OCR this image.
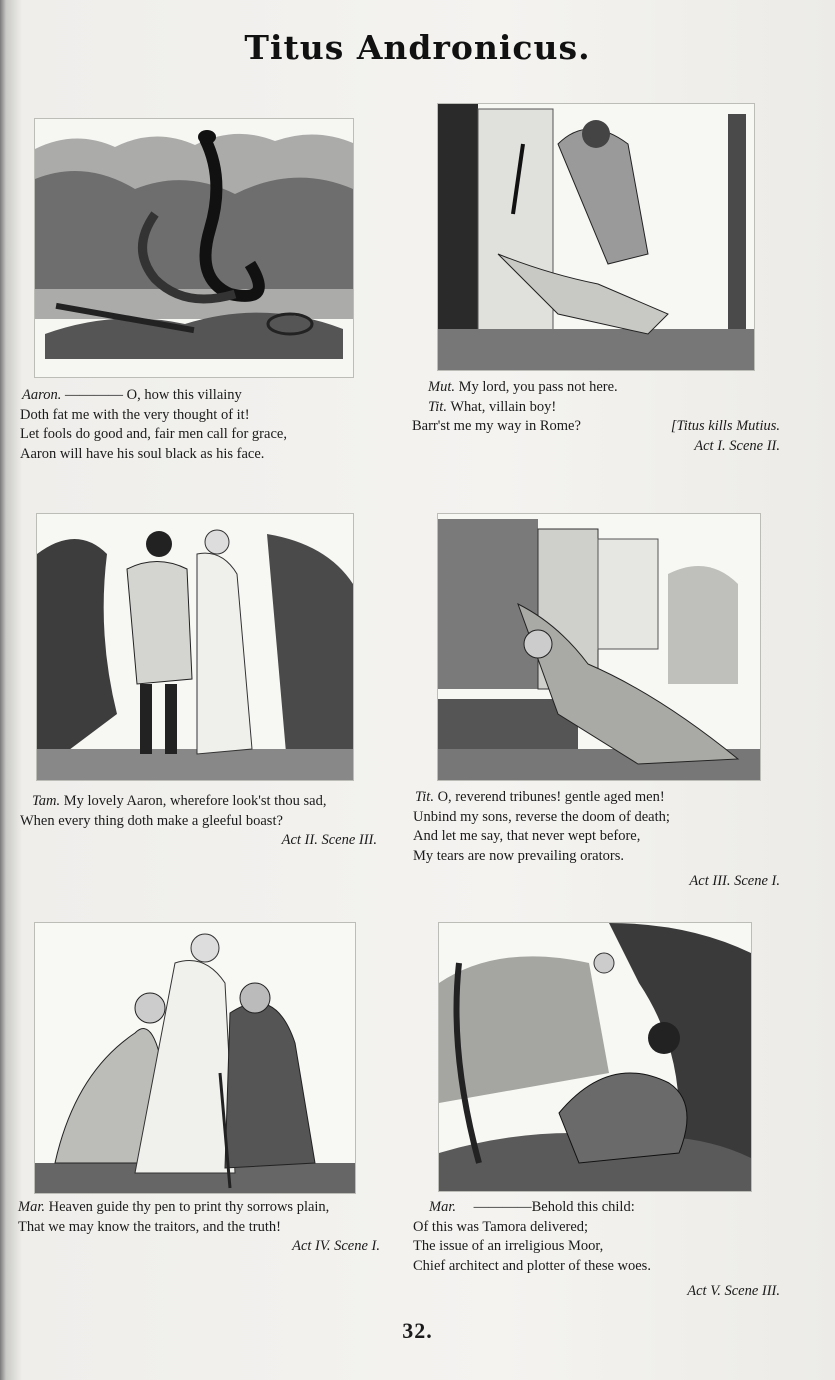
Titus Andronicus.
Aaron. ———— O, how this villainy
Doth fat me with the very thought of it!
Let fools do good and, fair men call for grace,
Aaron will have his soul black as his face.
Mut. My lord, you pass not here.
Tit. What, villain boy!
Barr'st me my way in Rome?	[Titus kills Mutius.
Act I. Scene II.
Tam. My lovely Aaron, wherefore look'st thou sad,
When every thing doth make a gleeful boast?
Act II. Scene III.
Tit. O, reverend tribunes! gentle aged men!
Unbind my sons, reverse the doom of death;
And let me say, that never wept before,
My tears are now prevailing orators.
Act III. Scene I.
Mar. Heaven guide thy pen to print thy sorrows plain,
That we may know the traitors, and the truth!
Act IV. Scene I.
Mar. ————Behold this child:
Of this was Tamora delivered;
The issue of an irreligious Moor,
Chief architect and plotter of these woes.
Act V. Scene III.
32.
